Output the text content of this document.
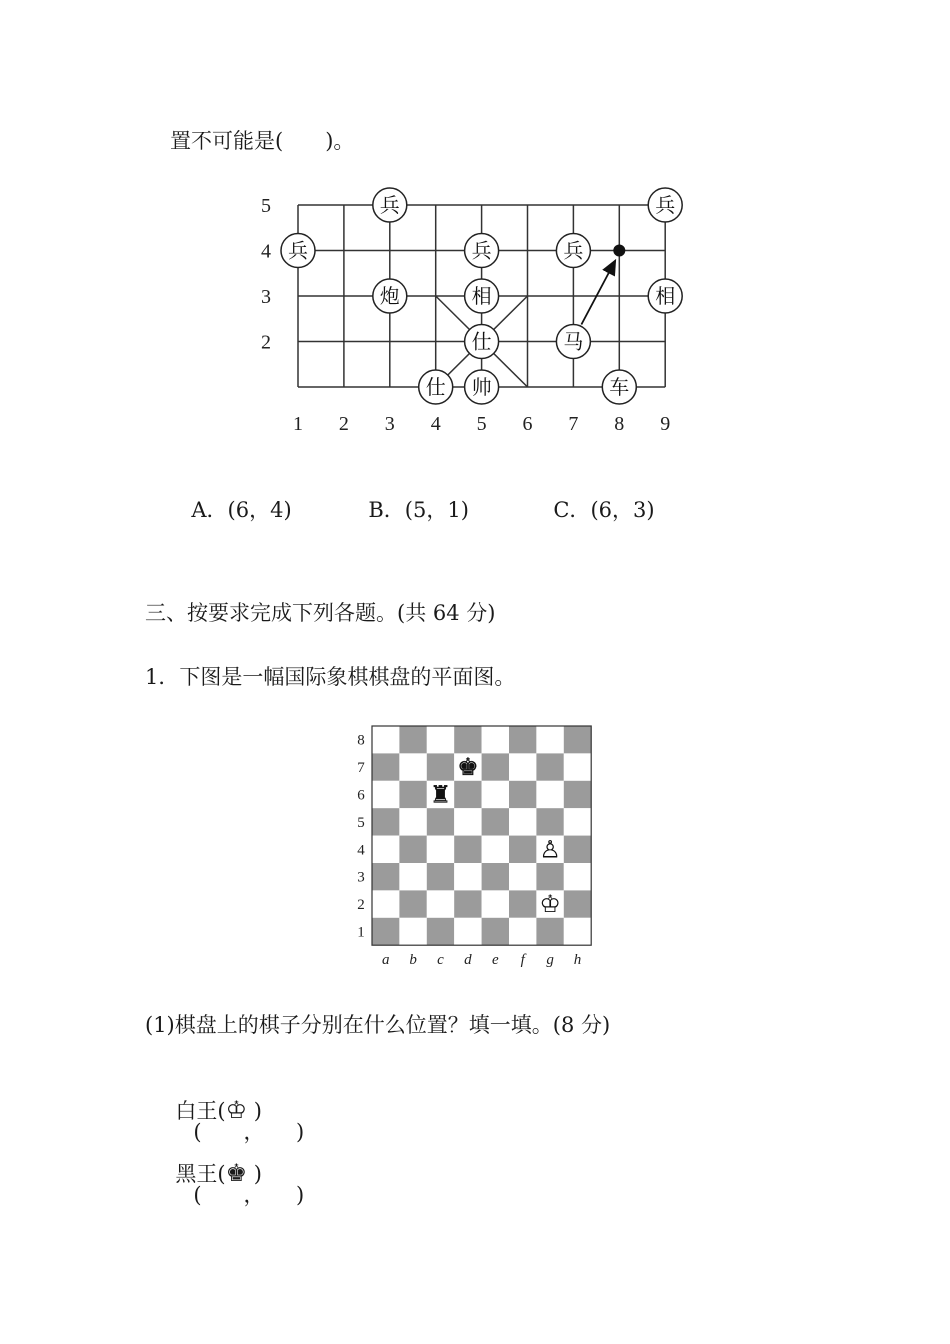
置不可能是(　　)。
1 2 3 4 5 6 7 8 9
5
4
3
2
兵	兵
兵	兵	兵
炮	相	相
仕	马
仕 帅	车

A．(6，4)	B．(5，1)	C．(6，3)

三、按要求完成下列各题。(共 64 分)
1．下图是一幅国际象棋棋盘的平面图。
8
7
6
5
4
3
2
1
a b c d e f g h
♚
♜
♙
♔
(1)棋盘上的棋子分别在什么位置？填一填。(8 分)

白王(♔ )
(　　，　　)

黑王(♚ )
(　　，　　)
